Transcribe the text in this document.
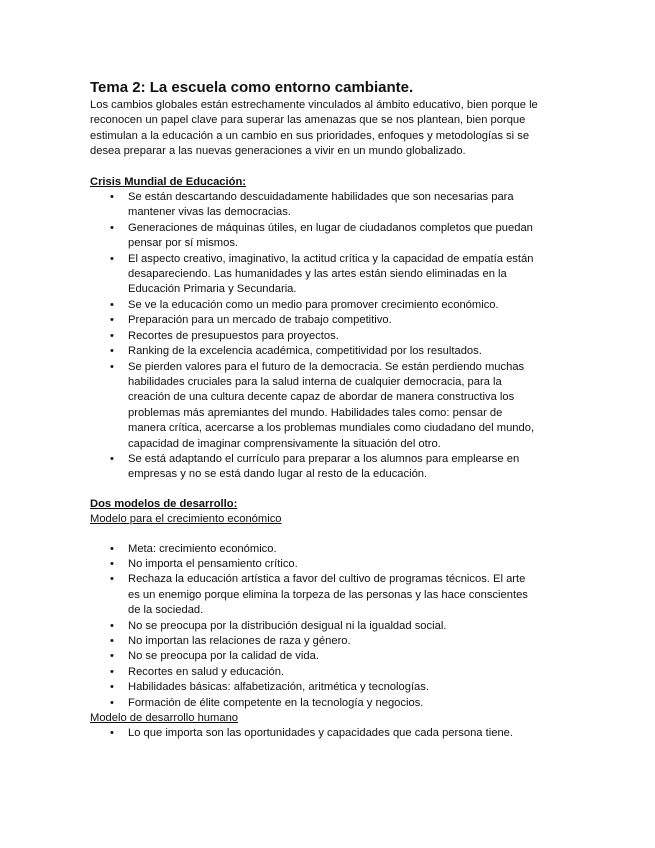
Tema 2: La escuela como entorno cambiante.

Los cambios globales están estrechamente vinculados al ámbito educativo, bien porque le reconocen un papel clave para superar las amenazas que se nos plantean, bien porque estimulan a la educación a un cambio en sus prioridades, enfoques y metodologías si se desea preparar a las nuevas generaciones a vivir en un mundo globalizado.

Crisis Mundial de Educación:

• Se están descartando descuidadamente habilidades que son necesarias para mantener vivas las democracias.
• Generaciones de máquinas útiles, en lugar de ciudadanos completos que puedan pensar por sí mismos.
• El aspecto creativo, imaginativo, la actitud crítica y la capacidad de empatía están desapareciendo. Las humanidades y las artes están siendo eliminadas en la Educación Primaria y Secundaria.
• Se ve la educación como un medio para promover crecimiento económico.
• Preparación para un mercado de trabajo competitivo.
• Recortes de presupuestos para proyectos.
• Ranking de la excelencia académica, competitividad por los resultados.
• Se pierden valores para el futuro de la democracia. Se están perdiendo muchas habilidades cruciales para la salud interna de cualquier democracia, para la creación de una cultura decente capaz de abordar de manera constructiva los problemas más apremiantes del mundo. Habilidades tales como: pensar de manera crítica, acercarse a los problemas mundiales como ciudadano del mundo, capacidad de imaginar comprensivamente la situación del otro.
• Se está adaptando el currículo para preparar a los alumnos para emplearse en empresas y no se está dando lugar al resto de la educación.

Dos modelos de desarrollo:

Modelo para el crecimiento económico

• Meta: crecimiento económico.
• No importa el pensamiento crítico.
• Rechaza la educación artística a favor del cultivo de programas técnicos. El arte es un enemigo porque elimina la torpeza de las personas y las hace conscientes de la sociedad.
• No se preocupa por la distribución desigual ni la igualdad social.
• No importan las relaciones de raza y género.
• No se preocupa por la calidad de vida.
• Recortes en salud y educación.
• Habilidades básicas: alfabetización, aritmética y tecnologías.
• Formación de élite competente en la tecnología y negocios.

Modelo de desarrollo humano

• Lo que importa son las oportunidades y capacidades que cada persona tiene.
